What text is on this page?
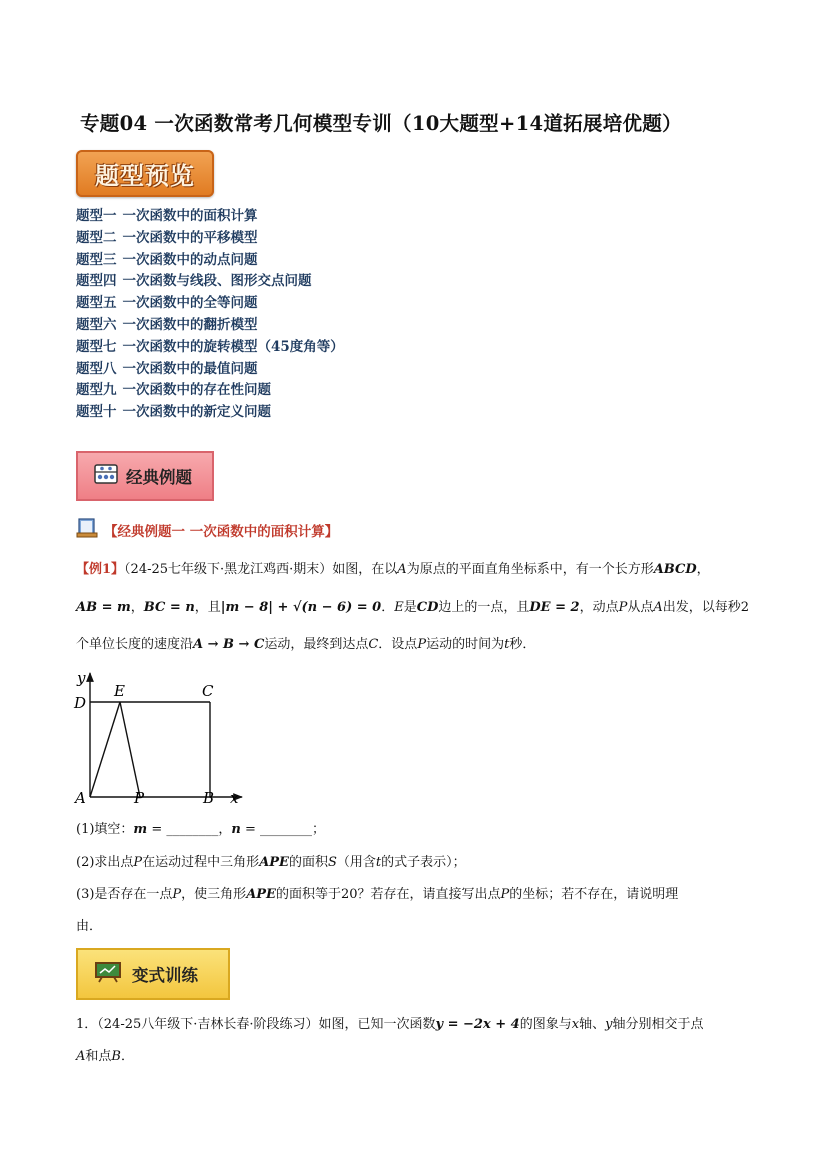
专题04 一次函数常考几何模型专训（10大题型+14道拓展培优题）
题型预览
题型一 一次函数中的面积计算
题型二 一次函数中的平移模型
题型三 一次函数中的动点问题
题型四 一次函数与线段、图形交点问题
题型五 一次函数中的全等问题
题型六 一次函数中的翻折模型
题型七 一次函数中的旋转模型（45度角等）
题型八 一次函数中的最值问题
题型九 一次函数中的存在性问题
题型十 一次函数中的新定义问题
经典例题
【经典例题一 一次函数中的面积计算】
【例1】（24-25七年级下·黑龙江鸡西·期末）如图，在以A为原点的平面直角坐标系中，有一个长方形ABCD，
AB = m，BC = n，且|m − 8| + √(n − 6) = 0．E是CD边上的一点，且DE = 2，动点P从点A出发，以每秒2
个单位长度的速度沿A → B → C运动，最终到达点C．设点P运动的时间为t秒．
y
D
E	C
A	P	B x
(1)填空：m = ________，n = ________；
(2)求出点P在运动过程中三角形APE的面积S（用含t的式子表示）；
(3)是否存在一点P，使三角形APE的面积等于20？若存在，请直接写出点P的坐标；若不存在，请说明理
由．
变式训练
1．（24-25八年级下·吉林长春·阶段练习）如图，已知一次函数y = −2x + 4的图象与x轴、y轴分别相交于点
A和点B．
